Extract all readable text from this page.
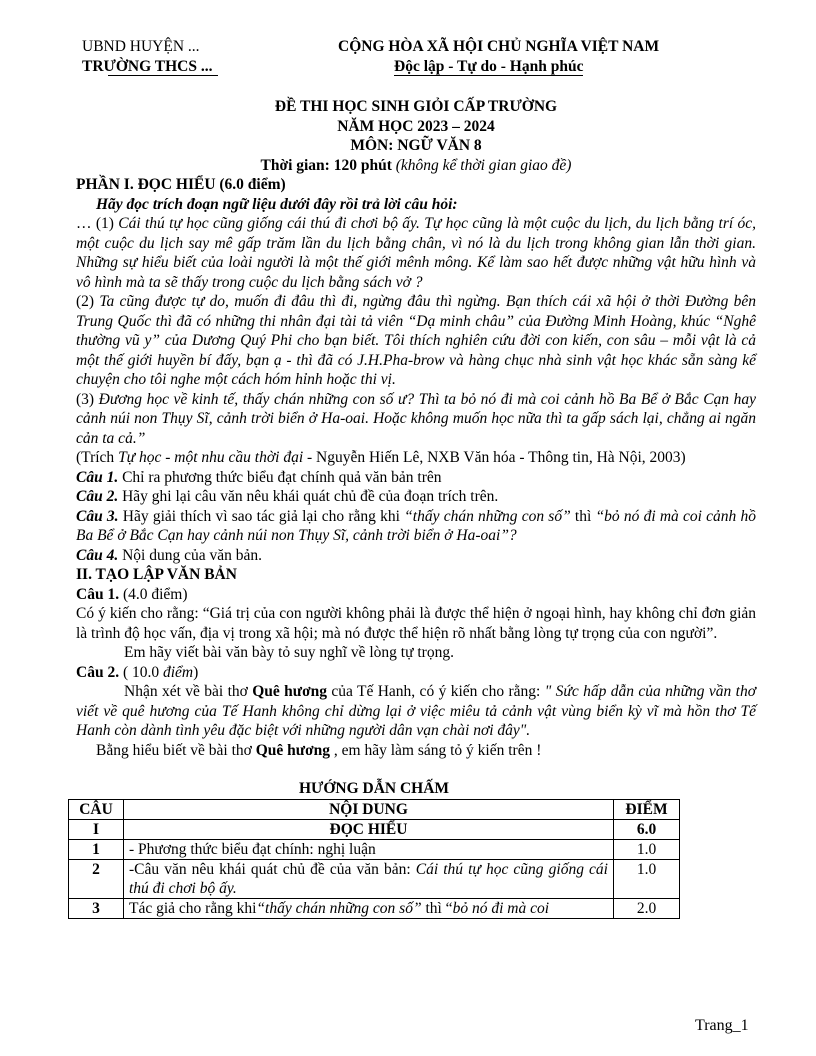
UBND HUYỆN ...
TRƯỜNG THCS ...
CỘNG HÒA XÃ HỘI CHỦ NGHĨA VIỆT NAM
Độc lập - Tự do - Hạnh phúc
ĐỀ THI HỌC SINH GIỎI CẤP TRƯỜNG
NĂM HỌC 2023 – 2024
MÔN: NGỮ VĂN 8
Thời gian: 120 phút (không kể thời gian giao đề)

PHẦN I. ĐỌC HIỂU (6.0 điểm)

Hãy đọc trích đoạn ngữ liệu dưới đây rồi trả lời câu hỏi:

… (1) Cái thú tự học cũng giống cái thú đi chơi bộ ấy. Tự học cũng là một cuộc du lịch, du lịch bằng trí óc, một cuộc du lịch say mê gấp trăm lần du lịch bằng chân, vì nó là du lịch trong không gian lẫn thời gian. Những sự hiểu biết của loài người là một thế giới mênh mông. Kể làm sao hết được những vật hữu hình và vô hình mà ta sẽ thấy trong cuộc du lịch bằng sách vở ?

(2) Ta cũng được tự do, muốn đi đâu thì đi, ngừng đâu thì ngừng. Bạn thích cái xã hội ở thời Đường bên Trung Quốc thì đã có những thi nhân đại tài tả viên “Dạ minh châu” của Đường Minh Hoàng, khúc “Nghê thường vũ y” của Dương Quý Phi cho bạn biết. Tôi thích nghiên cứu đời con kiến, con sâu – mỗi vật là cả một thế giới huyền bí đấy, bạn ạ - thì đã có J.H.Pha-brow và hàng chục nhà sinh vật học khác sẵn sàng kể chuyện cho tôi nghe một cách hóm hỉnh hoặc thi vị.

(3) Đương học về kinh tế, thấy chán những con số ư? Thì ta bỏ nó đi mà coi cảnh hồ Ba Bể ở Bắc Cạn hay cảnh núi non Thụy Sĩ, cảnh trời biển ở Ha-oai. Hoặc không muốn học nữa thì ta gấp sách lại, chẳng ai ngăn cản ta cả.”

(Trích Tự học - một nhu cầu thời đại - Nguyễn Hiến Lê, NXB Văn hóa - Thông tin, Hà Nội, 2003)

Câu 1. Chỉ ra phương thức biểu đạt chính quả văn bản trên

Câu 2. Hãy ghi lại câu văn nêu khái quát chủ đề của đoạn trích trên.

Câu 3. Hãy giải thích vì sao tác giả lại cho rằng khi “thấy chán những con số” thì “bỏ nó đi mà coi cảnh hồ Ba Bể ở Bắc Cạn hay cảnh núi non Thụy Sĩ, cảnh trời biển ở Ha-oai”?

Câu 4. Nội dung của văn bản.

II. TẠO LẬP VĂN BẢN

Câu 1. (4.0 điểm)

Có ý kiến cho rằng: “Giá trị của con người không phải là được thể hiện ở ngoại hình, hay không chỉ đơn giản là trình độ học vấn, địa vị trong xã hội; mà nó được thể hiện rõ nhất bằng lòng tự trọng của con người”.

Em hãy viết bài văn bày tỏ suy nghĩ về lòng tự trọng.

Câu 2. ( 10.0 điểm)

Nhận xét về bài thơ Quê hương của Tế Hanh, có ý kiến cho rằng: " Sức hấp dẫn của những vần thơ viết về quê hương của Tế Hanh không chỉ dừng lại ở việc miêu tả cảnh vật vùng biển kỳ vĩ mà hồn thơ Tế Hanh còn dành tình yêu đặc biệt với những người dân vạn chài nơi đây".

Bằng hiểu biết về bài thơ Quê hương , em hãy làm sáng tỏ ý kiến trên !

HƯỚNG DẪN CHẤM
CÂU	NỘI DUNG	ĐIỂM
I	ĐỌC HIỂU	6.0
1	- Phương thức biểu đạt chính: nghị luận	1.0
2	-Câu văn nêu khái quát chủ đề của văn bản: Cái thú tự học cũng giống cái thú đi chơi bộ ấy.	1.0
3	Tác giả cho rằng khi“thấy chán những con số” thì “bỏ nó đi mà coi	2.0
Trang_1
